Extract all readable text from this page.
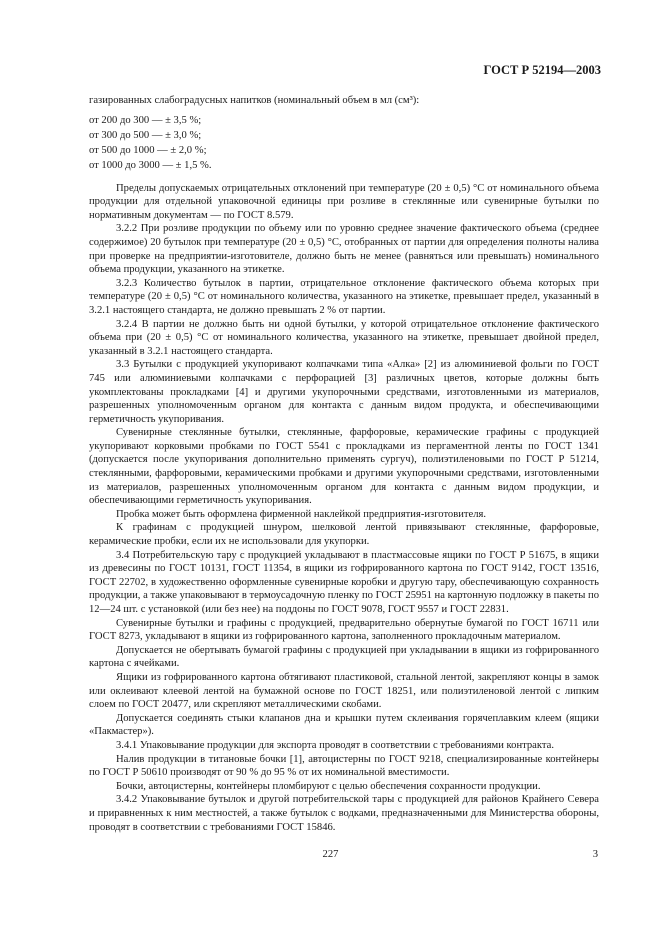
ГОСТ Р 52194—2003

газированных слабоградусных напитков (номинальный объем в мл (см³):

от 200 до 300 — ± 3,5 %;
от 300 до 500 — ± 3,0 %;
от 500 до 1000 — ± 2,0 %;
от 1000 до 3000 — ± 1,5 %.

Пределы допускаемых отрицательных отклонений при температуре (20 ± 0,5) °С от номинального объема продукции для отдельной упаковочной единицы при розливе в стеклянные или сувенирные бутылки по нормативным документам — по ГОСТ 8.579.

3.2.2 При розливе продукции по объему или по уровню среднее значение фактического объема (среднее содержимое) 20 бутылок при температуре (20 ± 0,5) °С, отобранных от партии для определения полноты налива при проверке на предприятии-изготовителе, должно быть не менее (равняться или превышать) номинального объема продукции, указанного на этикетке.

3.2.3 Количество бутылок в партии, отрицательное отклонение фактического объема которых при температуре (20 ± 0,5) °С от номинального количества, указанного на этикетке, превышает предел, указанный в 3.2.1 настоящего стандарта, не должно превышать 2 % от партии.

3.2.4 В партии не должно быть ни одной бутылки, у которой отрицательное отклонение фактического объема при (20 ± 0,5) °С от номинального количества, указанного на этикетке, превышает двойной предел, указанный в 3.2.1 настоящего стандарта.

3.3 Бутылки с продукцией укупоривают колпачками типа «Алка» [2] из алюминиевой фольги по ГОСТ 745 или алюминиевыми колпачками с перфорацией [3] различных цветов, которые должны быть укомплектованы прокладками [4] и другими укупорочными средствами, изготовленными из материалов, разрешенных уполномоченным органом для контакта с данным видом продукта, и обеспечивающими герметичность укупоривания.

Сувенирные стеклянные бутылки, стеклянные, фарфоровые, керамические графины с продукцией укупоривают корковыми пробками по ГОСТ 5541 с прокладками из пергаментной ленты по ГОСТ 1341 (допускается после укупоривания дополнительно применять сургуч), полиэтиленовыми по ГОСТ Р 51214, стеклянными, фарфоровыми, керамическими пробками и другими укупорочными средствами, изготовленными из материалов, разрешенных уполномоченным органом для контакта с данным видом продукции, и обеспечивающими герметичность укупоривания.

Пробка может быть оформлена фирменной наклейкой предприятия-изготовителя.

К графинам с продукцией шнуром, шелковой лентой привязывают стеклянные, фарфоровые, керамические пробки, если их не использовали для укупорки.

3.4 Потребительскую тару с продукцией укладывают в пластмассовые ящики по ГОСТ Р 51675, в ящики из древесины по ГОСТ 10131, ГОСТ 11354, в ящики из гофрированного картона по ГОСТ 9142, ГОСТ 13516, ГОСТ 22702, в художественно оформленные сувенирные коробки и другую тару, обеспечивающую сохранность продукции, а также упаковывают в термоусадочную пленку по ГОСТ 25951 на картонную подложку в пакеты по 12—24 шт. с установкой (или без нее) на поддоны по ГОСТ 9078, ГОСТ 9557 и ГОСТ 22831.

Сувенирные бутылки и графины с продукцией, предварительно обернутые бумагой по ГОСТ 16711 или ГОСТ 8273, укладывают в ящики из гофрированного картона, заполненного прокладочным материалом.

Допускается не обертывать бумагой графины с продукцией при укладывании в ящики из гофрированного картона с ячейками.

Ящики из гофрированного картона обтягивают пластиковой, стальной лентой, закрепляют концы в замок или оклеивают клеевой лентой на бумажной основе по ГОСТ 18251, или полиэтиленовой лентой с липким слоем по ГОСТ 20477, или скрепляют металлическими скобами.

Допускается соединять стыки клапанов дна и крышки путем склеивания горячеплавким клеем (ящики «Пакмастер»).

3.4.1 Упаковывание продукции для экспорта проводят в соответствии с требованиями контракта.

Налив продукции в титановые бочки [1], автоцистерны по ГОСТ 9218, специализированные контейнеры по ГОСТ Р 50610 производят от 90 % до 95 % от их номинальной вместимости.

Бочки, автоцистерны, контейнеры пломбируют с целью обеспечения сохранности продукции.

3.4.2 Упаковывание бутылок и другой потребительской тары с продукцией для районов Крайнего Севера и приравненных к ним местностей, а также бутылок с водками, предназначенными для Министерства обороны, проводят в соответствии с требованиями ГОСТ 15846.

227	3
